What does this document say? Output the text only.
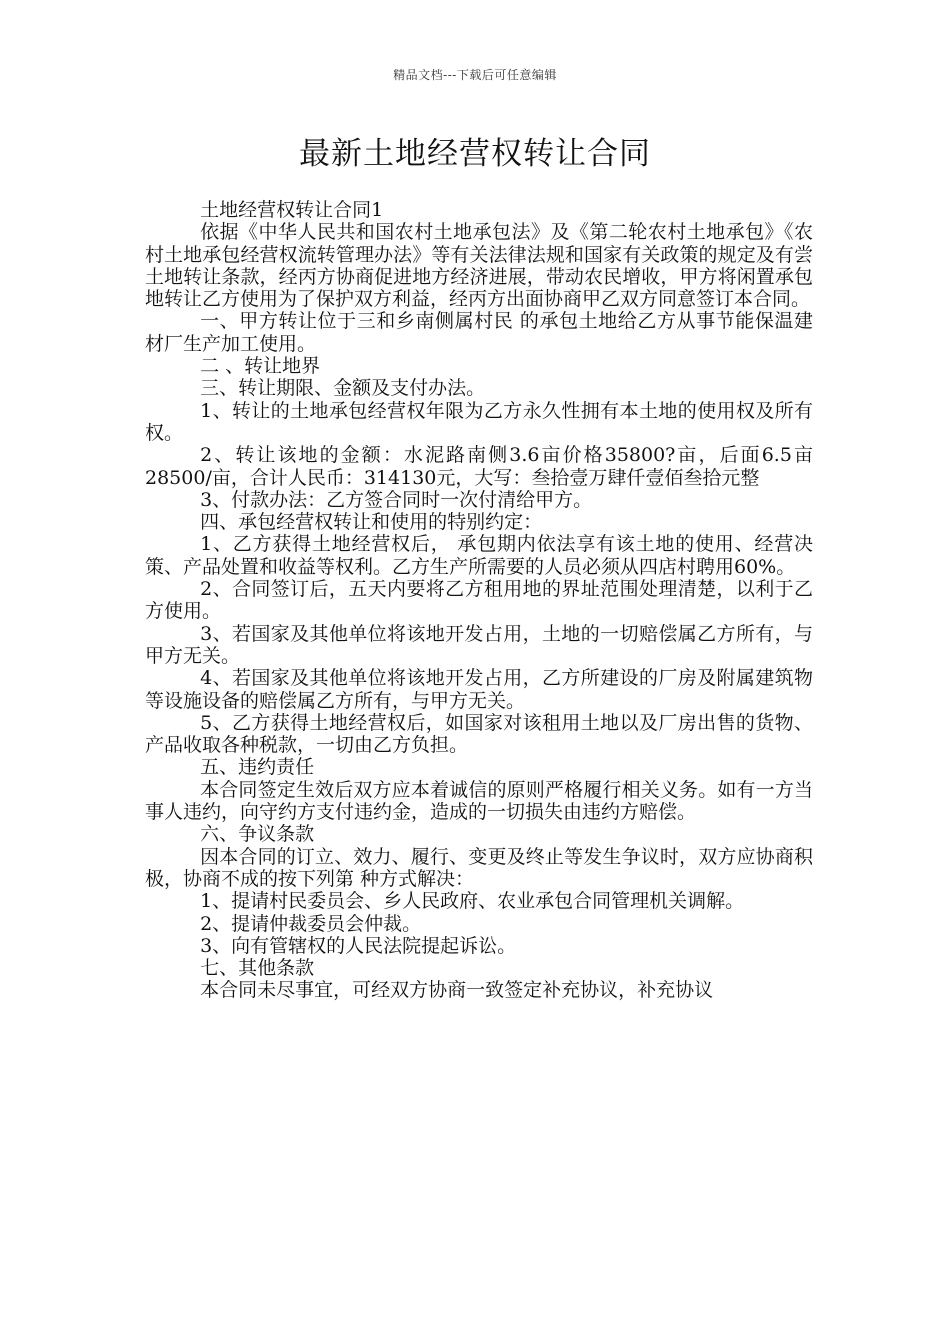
精品文档---下载后可任意编辑
最新土地经营权转让合同

土地经营权转让合同1

依据《中华人民共和国农村土地承包法》及《第二轮农村土地承包》《农村土地承包经营权流转管理办法》等有关法律法规和国家有关政策的规定及有尝土地转让条款，经丙方协商促进地方经济进展，带动农民增收，甲方将闲置承包地转让乙方使用为了保护双方利益，经丙方出面协商甲乙双方同意签订本合同。

一、甲方转让位于三和乡南侧属村民 的承包土地给乙方从事节能保温建材厂生产加工使用。

二 、转让地界

三、转让期限、金额及支付办法。

1、转让的土地承包经营权年限为乙方永久性拥有本土地的使用权及所有权。

2、转让该地的金额：水泥路南侧3.6亩价格35800?亩，后面6.5亩28500/亩，合计人民币：314130元，大写：叁拾壹万肆仟壹佰叁拾元整

3、付款办法：乙方签合同时一次付清给甲方。

四、承包经营权转让和使用的特别约定：

1、乙方获得土地经营权后， 承包期内依法享有该土地的使用、经营决策、产品处置和收益等权利。乙方生产所需要的人员必须从四店村聘用60%。

2、合同签订后，五天内要将乙方租用地的界址范围处理清楚，以利于乙方使用。

3、若国家及其他单位将该地开发占用，土地的一切赔偿属乙方所有，与甲方无关。

4、若国家及其他单位将该地开发占用，乙方所建设的厂房及附属建筑物等设施设备的赔偿属乙方所有，与甲方无关。

5、乙方获得土地经营权后，如国家对该租用土地以及厂房出售的货物、产品收取各种税款，一切由乙方负担。

五、违约责任

本合同签定生效后双方应本着诚信的原则严格履行相关义务。如有一方当事人违约，向守约方支付违约金，造成的一切损失由违约方赔偿。

六、争议条款

因本合同的订立、效力、履行、变更及终止等发生争议时，双方应协商积极，协商不成的按下列第 种方式解决：

1、提请村民委员会、乡人民政府、农业承包合同管理机关调解。

2、提请仲裁委员会仲裁。

3、向有管辖权的人民法院提起诉讼。

七、其他条款

本合同未尽事宜，可经双方协商一致签定补充协议，补充协议
